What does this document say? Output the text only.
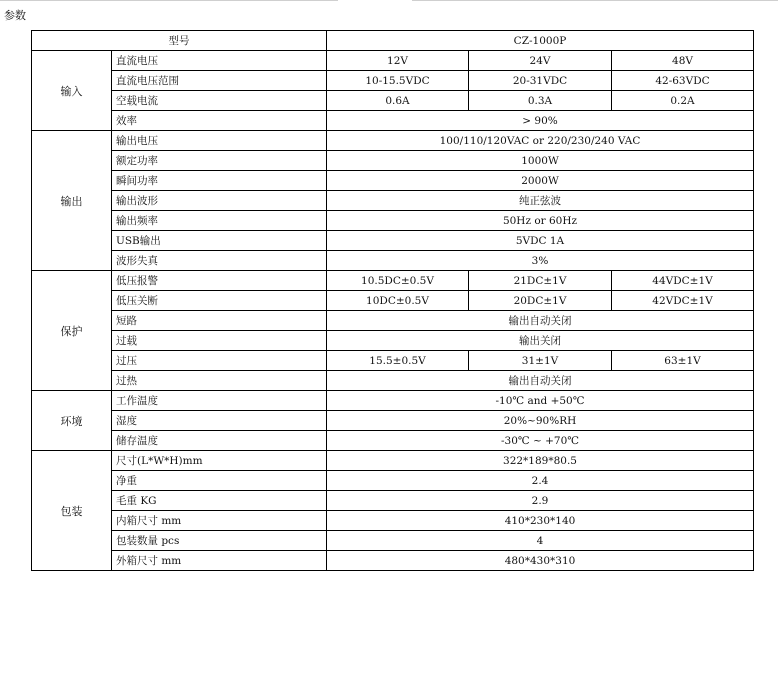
参数
型号		CZ-1000P		
输入	直流电压	12V	24V	48V
	直流电压范围	10-15.5VDC	20-31VDC	42-63VDC
	空载电流	0.6A	0.3A	0.2A
	效率	> 90%		
输出	输出电压	100/110/120VAC or 220/230/240 VAC		
	额定功率	1000W		
	瞬间功率	2000W		
	输出波形	纯正弦波		
	输出频率	50Hz or 60Hz		
	USB输出	5VDC 1A		
	波形失真	3%		
保护	低压报警	10.5DC±0.5V	21DC±1V	44VDC±1V
	低压关断	10DC±0.5V	20DC±1V	42VDC±1V
	短路	输出自动关闭		
	过载	输出关闭		
	过压	15.5±0.5V	31±1V	63±1V
	过热	输出自动关闭		
环境	工作温度	-10℃ and +50℃		
	湿度	20%~90%RH		
	储存温度	-30℃ ~ +70℃		
包装	尺寸(L*W*H)mm	322*189*80.5		
	净重	2.4		
	毛重 KG	2.9		
	内箱尺寸 mm	410*230*140		
	包装数量 pcs	4		
	外箱尺寸 mm	480*430*310		
